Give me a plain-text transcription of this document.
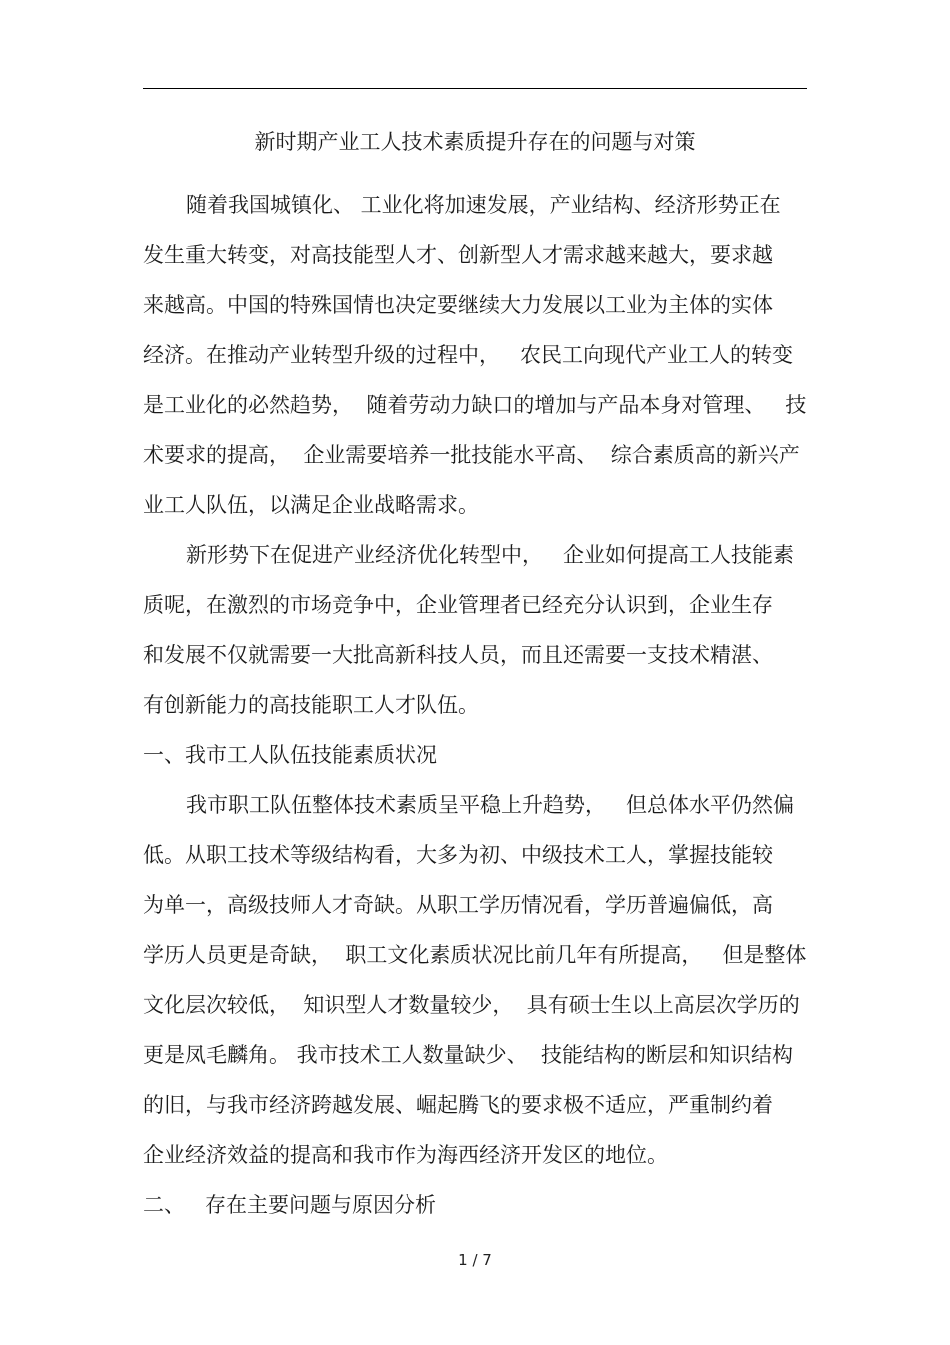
新时期产业工人技术素质提升存在的问题与对策
随着我国城镇化、 工业化将加速发展，产业结构、经济形势正在
发生重大转变，对高技能型人才、创新型人才需求越来越大，要求越
来越高。中国的特殊国情也决定要继续大力发展以工业为主体的实体
经济。在推动产业转型升级的过程中，   农民工向现代产业工人的转变
是工业化的必然趋势，  随着劳动力缺口的增加与产品本身对管理、   技
术要求的提高，  企业需要培养一批技能水平高、  综合素质高的新兴产
业工人队伍，以满足企业战略需求。
新形势下在促进产业经济优化转型中，   企业如何提高工人技能素
质呢，在激烈的市场竞争中，企业管理者已经充分认识到，企业生存
和发展不仅就需要一大批高新科技人员，而且还需要一支技术精湛、
有创新能力的高技能职工人才队伍。
一、我市工人队伍技能素质状况
我市职工队伍整体技术素质呈平稳上升趋势，   但总体水平仍然偏
低。从职工技术等级结构看，大多为初、中级技术工人，掌握技能较
为单一，高级技师人才奇缺。从职工学历情况看，学历普遍偏低，高
学历人员更是奇缺，  职工文化素质状况比前几年有所提高，   但是整体
文化层次较低，  知识型人才数量较少，  具有硕士生以上高层次学历的
更是凤毛麟角。 我市技术工人数量缺少、  技能结构的断层和知识结构
的旧，与我市经济跨越发展、崛起腾飞的要求极不适应，严重制约着
企业经济效益的提高和我市作为海西经济开发区的地位。
二、   存在主要问题与原因分析
1 / 7
